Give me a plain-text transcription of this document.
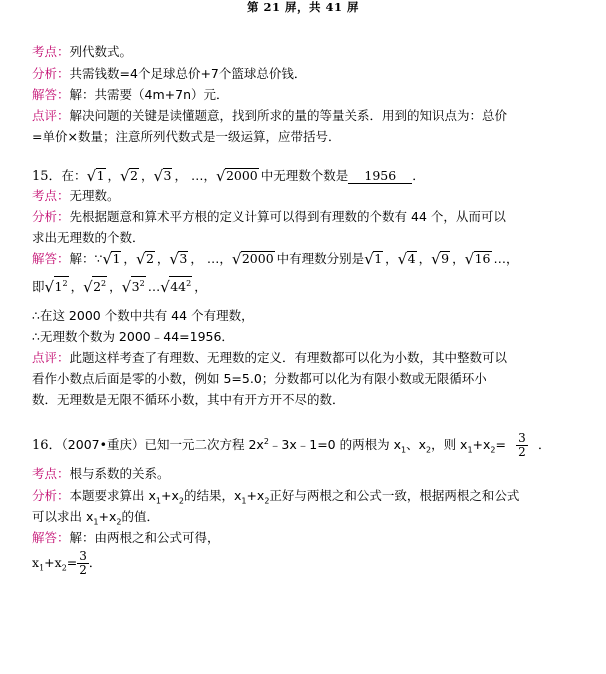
第 21 屏，共 41 屏
考点：列代数式。
分析：共需钱数=4个足球总价+7个篮球总价钱．
解答：解：共需要（4m+7n）元．
点评：解决问题的关键是读懂题意，找到所求的量的等量关系．用到的知识点为：总价
=单价×数量；注意所列代数式是一级运算，应带括号．
15．在： √ 1 ， √ 2 ， √ 3 ， …， √ 2000 中无理数个数是 1956 ．
考点：无理数。
分析：先根据题意和算术平方根的定义计算可以得到有理数的个数有 44 个，从而可以
求出无理数的个数．
解答：解：∵ √ 1 ， √ 2 ， √ 3 ， …， √ 2000 中有理数分别是 √ 1 ， √ 4 ， √ 9 ， √ 16 …，
即 √ $1^2$ ， √ $2^2$ ， √ $3^2$ … √ $44^2$ ，
∴在这 2000 个数中共有 44 个有理数，
∴无理数个数为 2000﹣44=1956．
点评：此题这样考查了有理数、无理数的定义．有理数都可以化为小数，其中整数可以
看作小数点后面是零的小数，例如 5=5.0；分数都可以化为有限小数或无限循环小
数．无理数是无限不循环小数，其中有开方开不尽的数．
16．（2007•重庆）已知一元二次方程 $2x^2﹣3x﹣1=0$ 的两根为 $x_1$、$x_2$，则 $x_1+x_2= \frac{3}{2}$ ．
考点：根与系数的关系。
分析：本题要求算出 $x_1+x_2$的结果，$x_1+x_2$正好与两根之和公式一致，根据两根之和公式
可以求出 $x_1+x_2$的值．
解答：解：由两根之和公式可得，
$x_1+x_2= \frac{3}{2}$ ．
